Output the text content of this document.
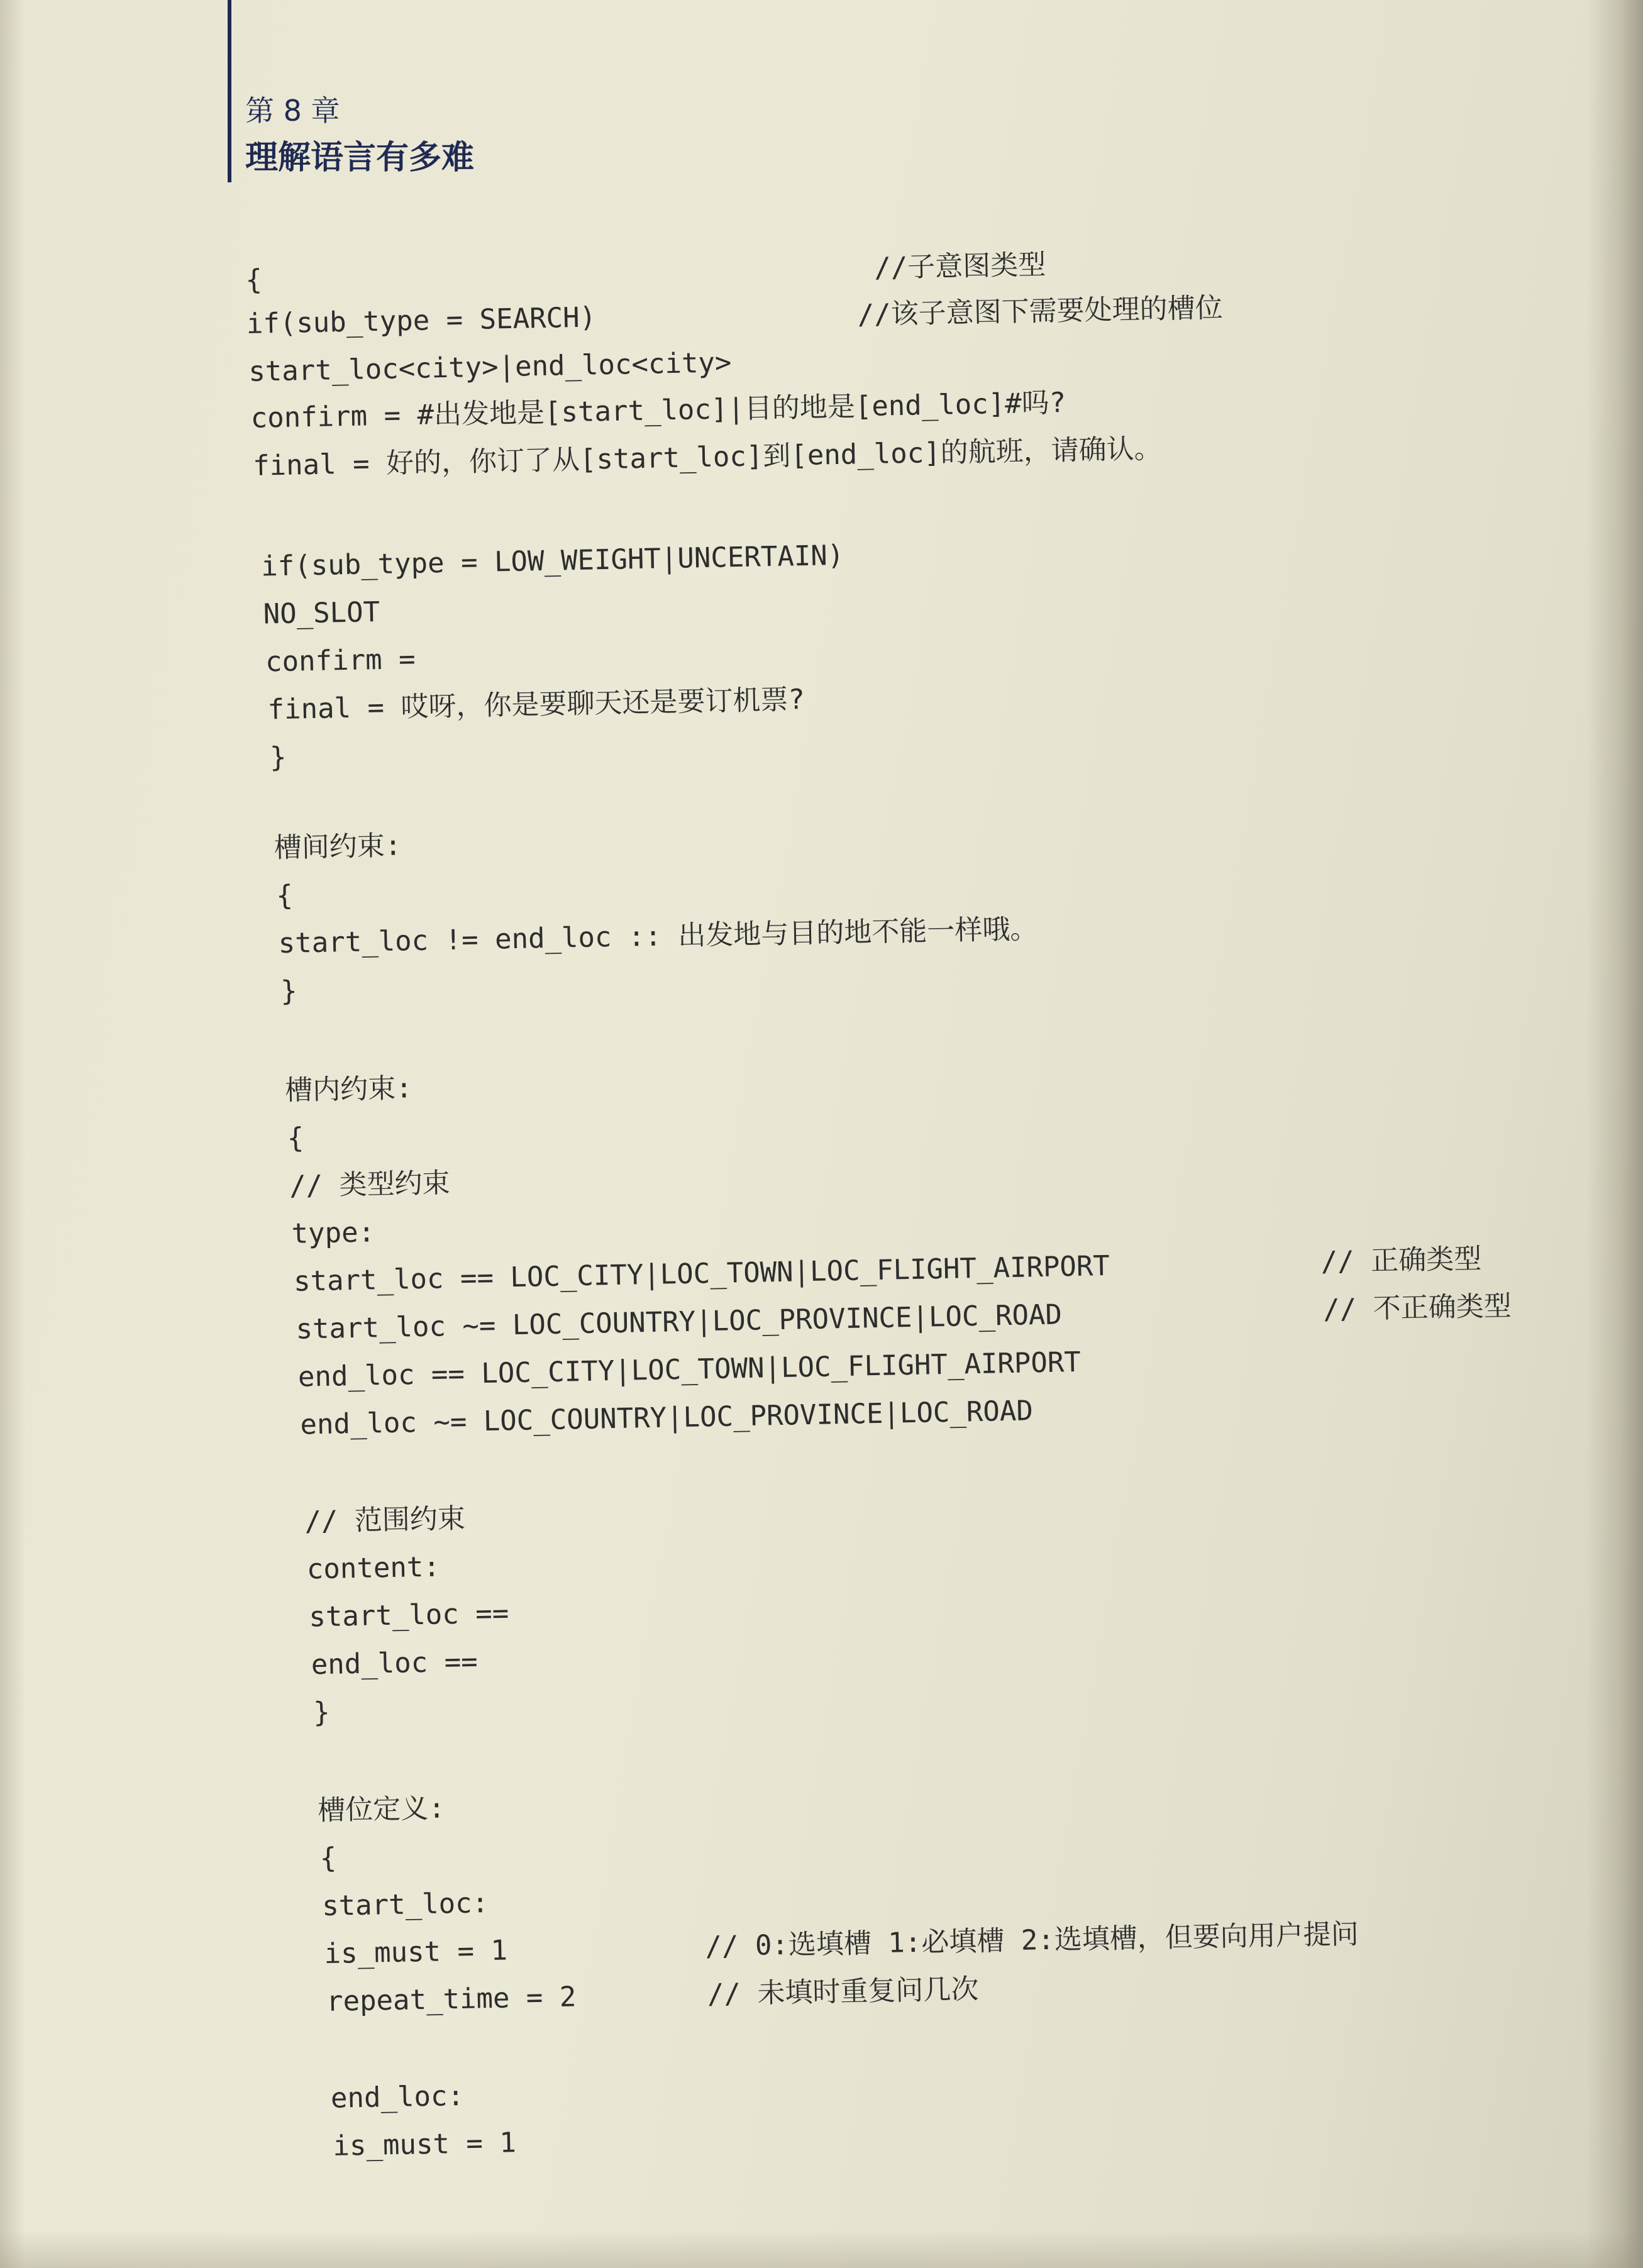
第 8 章
理解语言有多难
{
if(sub_type = SEARCH)
start_loc<city>|end_loc<city>
confirm = #出发地是[start_loc]|目的地是[end_loc]#吗?
final = 好的，你订了从[start_loc]到[end_loc]的航班，请确认。
if(sub_type = LOW_WEIGHT|UNCERTAIN)
NO_SLOT
confirm =
final = 哎呀，你是要聊天还是要订机票?
}
槽间约束:
{
start_loc != end_loc :: 出发地与目的地不能一样哦。
}
槽内约束:
{
// 类型约束
type:
start_loc == LOC_CITY|LOC_TOWN|LOC_FLIGHT_AIRPORT
start_loc ~= LOC_COUNTRY|LOC_PROVINCE|LOC_ROAD
end_loc == LOC_CITY|LOC_TOWN|LOC_FLIGHT_AIRPORT
end_loc ~= LOC_COUNTRY|LOC_PROVINCE|LOC_ROAD
// 范围约束
content:
start_loc ==
end_loc ==
}
槽位定义:
{
start_loc:
is_must = 1
repeat_time = 2
end_loc:
is_must = 1
//子意图类型
//该子意图下需要处理的槽位
// 正确类型
// 不正确类型
// 0:选填槽 1:必填槽 2:选填槽，但要向用户提问
// 未填时重复问几次
